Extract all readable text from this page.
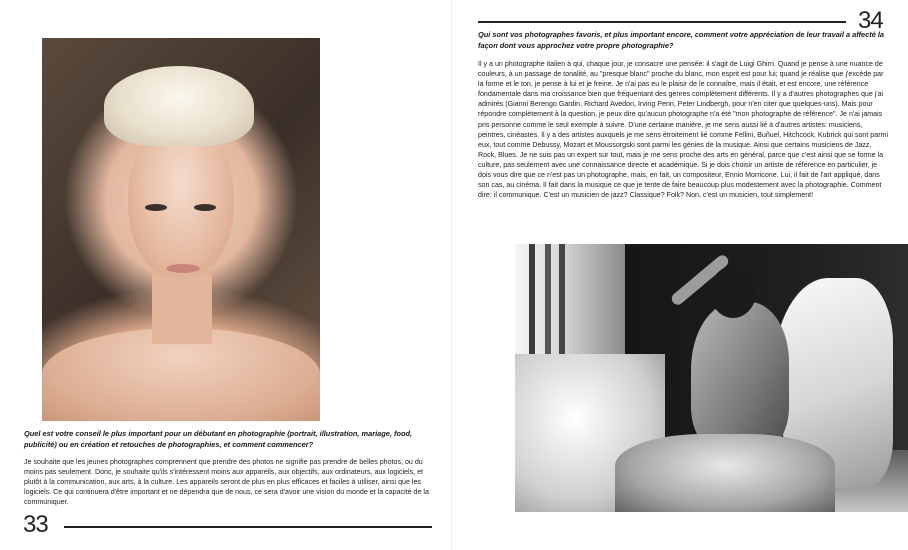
Quel est votre conseil le plus important pour un débutant en photographie (portrait, illustration, mariage, food, publicité) ou en création et retouches de photographies, et comment commencer?

Je souhaite que les jeunes photographes comprennent que prendre des photos ne signifie pas prendre de belles photos, ou du moins pas seulement. Donc, je souhaite qu'ils s'intéressent moins aux appareils, aux objectifs, aux ordinateurs, aux logiciels, et plutôt à la communication, aux arts, à la culture. Les appareils seront de plus en plus efficaces et faciles à utiliser, ainsi que les logiciels. Ce qui continuera d'être important et ne dépendra que de nous, ce sera d'avoir une vision du monde et la capacité de la communiquer.

33
34

Qui sont vos photographes favoris, et plus important encore, comment votre appréciation de leur travail a affecté la façon dont vous approchez votre propre photographie?

Il y a un photographe italien à qui, chaque jour, je consacre une pensée: il s'agit de Luigi Ghirri. Quand je pense à une nuance de couleurs, à un passage de tonalité, au "presque blanc" proche du blanc, mon esprit est pour lui; quand je réalise que j'excède par la forme et le ton, je pense à lui et je freine. Je n'ai pas eu le plaisir de le connaître, mais il était, et est encore, une référence fondamentale dans ma croissance bien que fréquentant des genres complètement différents. Il y a d'autres photographes que j'ai admirés (Gianni Berengo Gardin, Richard Avedon, Irving Penn, Peter Lindbergh, pour n'en citer que quelques-uns). Mais pour répondre complètement à la question, je peux dire qu'aucun photographe n'a été "mon photographe de référence". Je n'ai jamais pris personne comme le seul exemple à suivre. D'une certaine manière, je me sens aussi lié à d'autres artistes: musiciens, peintres, cinéastes. Il y a des artistes auxquels je me sens étroitement lié comme Fellini, Buñuel, Hitchcock, Kubrick qui sont parmi eux, tout comme Debussy, Mozart et Moussorgski sont parmi les génies de la musique. Ainsi que certains musiciens de Jazz, Rock, Blues. Je ne suis pas un expert sur tout, mais je me sens proche des arts en général, parce que c'est ainsi que se forme la culture, pas seulement avec une connaissance directe et académique. Si je dois choisir un artiste de référence en particulier, je dois vous dire que ce n'est pas un photographe, mais, en fait, un compositeur, Ennio Morricone. Lui, il fait de l'art appliqué, dans son cas, au cinéma. Il fait dans la musique ce que je tente de faire beaucoup plus modestement avec la photographie. Comment dire: il communique. C'est un musicien de jazz? Classique? Folk? Non, c'est un musicien, tout simplement!
